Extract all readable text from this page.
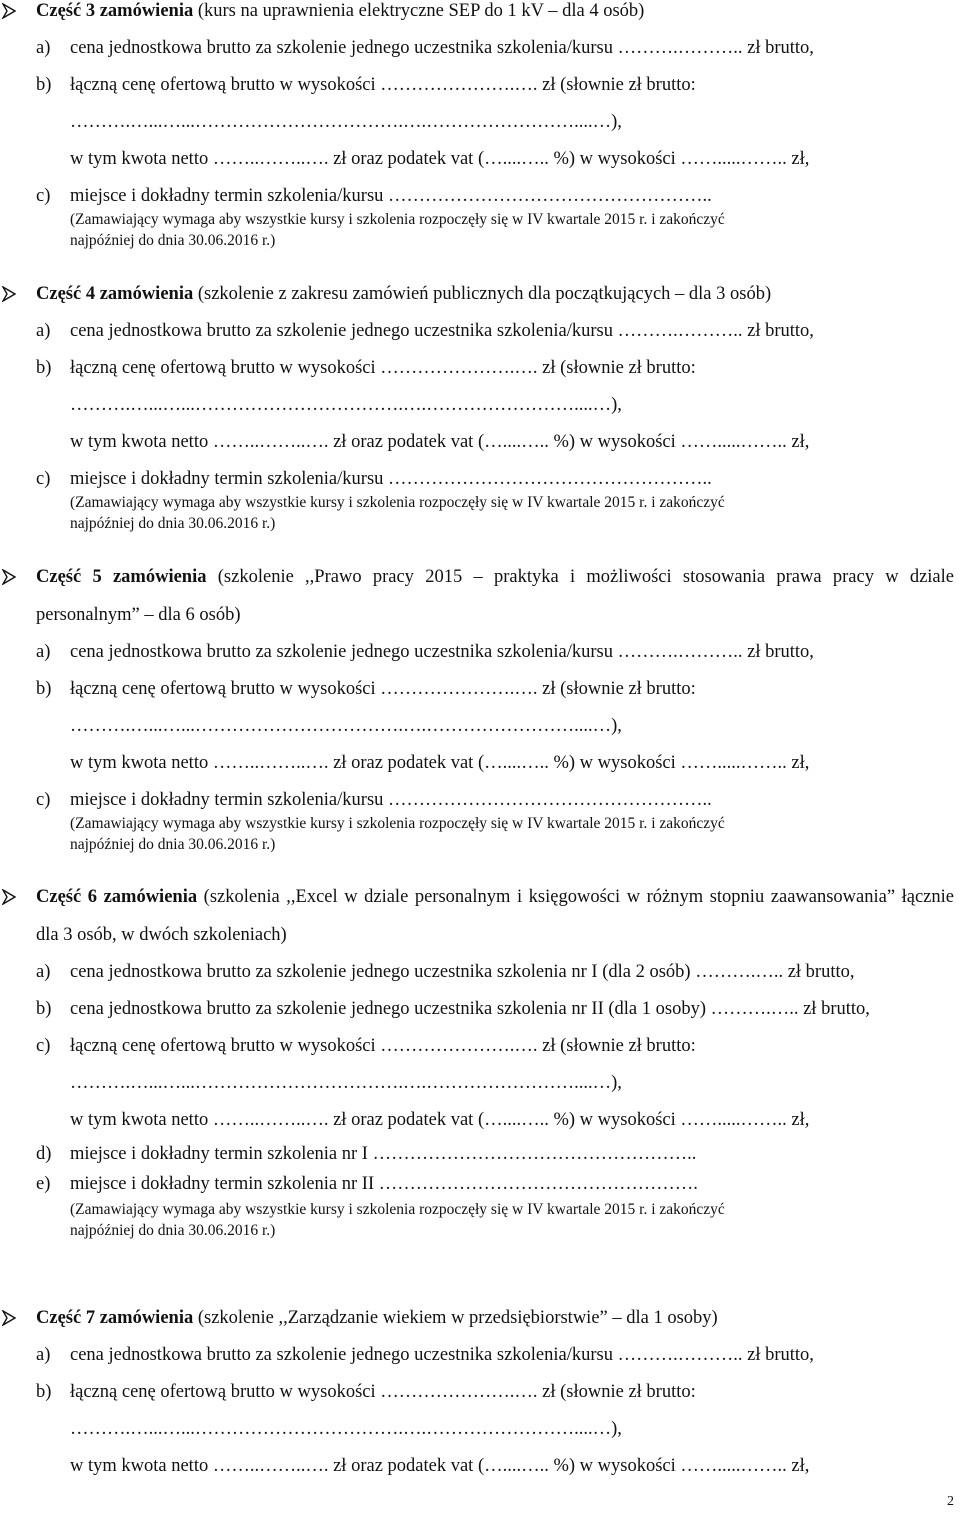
Część 3 zamówienia (kurs na uprawnienia elektryczne SEP do 1 kV – dla 4 osób)
a) cena jednostkowa brutto za szkolenie jednego uczestnika szkolenia/kursu ……….……….. zł brutto,
b) łączną cenę ofertową brutto w wysokości ………………….…. zł (słownie zł brutto:
……….…...…...…………………………….….……………………....…),
w tym kwota netto ……..……..…. zł oraz podatek vat (…....….. %) w wysokości …….....…….. zł,
c) miejsce i dokładny termin szkolenia/kursu ……………………………………………..
(Zamawiający wymaga aby wszystkie kursy i szkolenia rozpoczęły się w IV kwartale 2015 r. i zakończyć
najpóźniej do dnia 30.06.2016 r.)
Część 4 zamówienia (szkolenie z zakresu zamówień publicznych dla początkujących – dla 3 osób)
a) cena jednostkowa brutto za szkolenie jednego uczestnika szkolenia/kursu ……….……….. zł brutto,
b) łączną cenę ofertową brutto w wysokości ………………….…. zł (słownie zł brutto:
……….…...…...…………………………….….……………………....…),
w tym kwota netto ……..……..…. zł oraz podatek vat (…....….. %) w wysokości …….....…….. zł,
c) miejsce i dokładny termin szkolenia/kursu ……………………………………………..
(Zamawiający wymaga aby wszystkie kursy i szkolenia rozpoczęły się w IV kwartale 2015 r. i zakończyć
najpóźniej do dnia 30.06.2016 r.)
Część 5 zamówienia (szkolenie ,,Prawo pracy 2015 – praktyka i możliwości stosowania prawa pracy w dziale personalnym” – dla 6 osób)
a) cena jednostkowa brutto za szkolenie jednego uczestnika szkolenia/kursu ……….……….. zł brutto,
b) łączną cenę ofertową brutto w wysokości ………………….…. zł (słownie zł brutto:
……….…...…...…………………………….….……………………....…),
w tym kwota netto ……..……..…. zł oraz podatek vat (…....….. %) w wysokości …….....…….. zł,
c) miejsce i dokładny termin szkolenia/kursu ……………………………………………..
(Zamawiający wymaga aby wszystkie kursy i szkolenia rozpoczęły się w IV kwartale 2015 r. i zakończyć
najpóźniej do dnia 30.06.2016 r.)
Część 6 zamówienia (szkolenia ,,Excel w dziale personalnym i księgowości w różnym stopniu zaawansowania” łącznie dla 3 osób, w dwóch szkoleniach)
a) cena jednostkowa brutto za szkolenie jednego uczestnika szkolenia nr I (dla 2 osób) ……….….. zł brutto,
b) cena jednostkowa brutto za szkolenie jednego uczestnika szkolenia nr II (dla 1 osoby) ……….….. zł brutto,
c) łączną cenę ofertową brutto w wysokości ………………….…. zł (słownie zł brutto:
……….…...…...…………………………….….……………………....…),
w tym kwota netto ……..……..…. zł oraz podatek vat (…....….. %) w wysokości …….....…….. zł,
d) miejsce i dokładny termin szkolenia nr I ……………………………………………..
e) miejsce i dokładny termin szkolenia nr II …………………………………………….
(Zamawiający wymaga aby wszystkie kursy i szkolenia rozpoczęły się w IV kwartale 2015 r. i zakończyć
najpóźniej do dnia 30.06.2016 r.)
Część 7 zamówienia (szkolenie ,,Zarządzanie wiekiem w przedsiębiorstwie” – dla 1 osoby)
a) cena jednostkowa brutto za szkolenie jednego uczestnika szkolenia/kursu ……….……….. zł brutto,
b) łączną cenę ofertową brutto w wysokości ………………….…. zł (słownie zł brutto:
……….…...…...…………………………….….……………………....…),
w tym kwota netto ……..……..…. zł oraz podatek vat (…....….. %) w wysokości …….....…….. zł,
2
